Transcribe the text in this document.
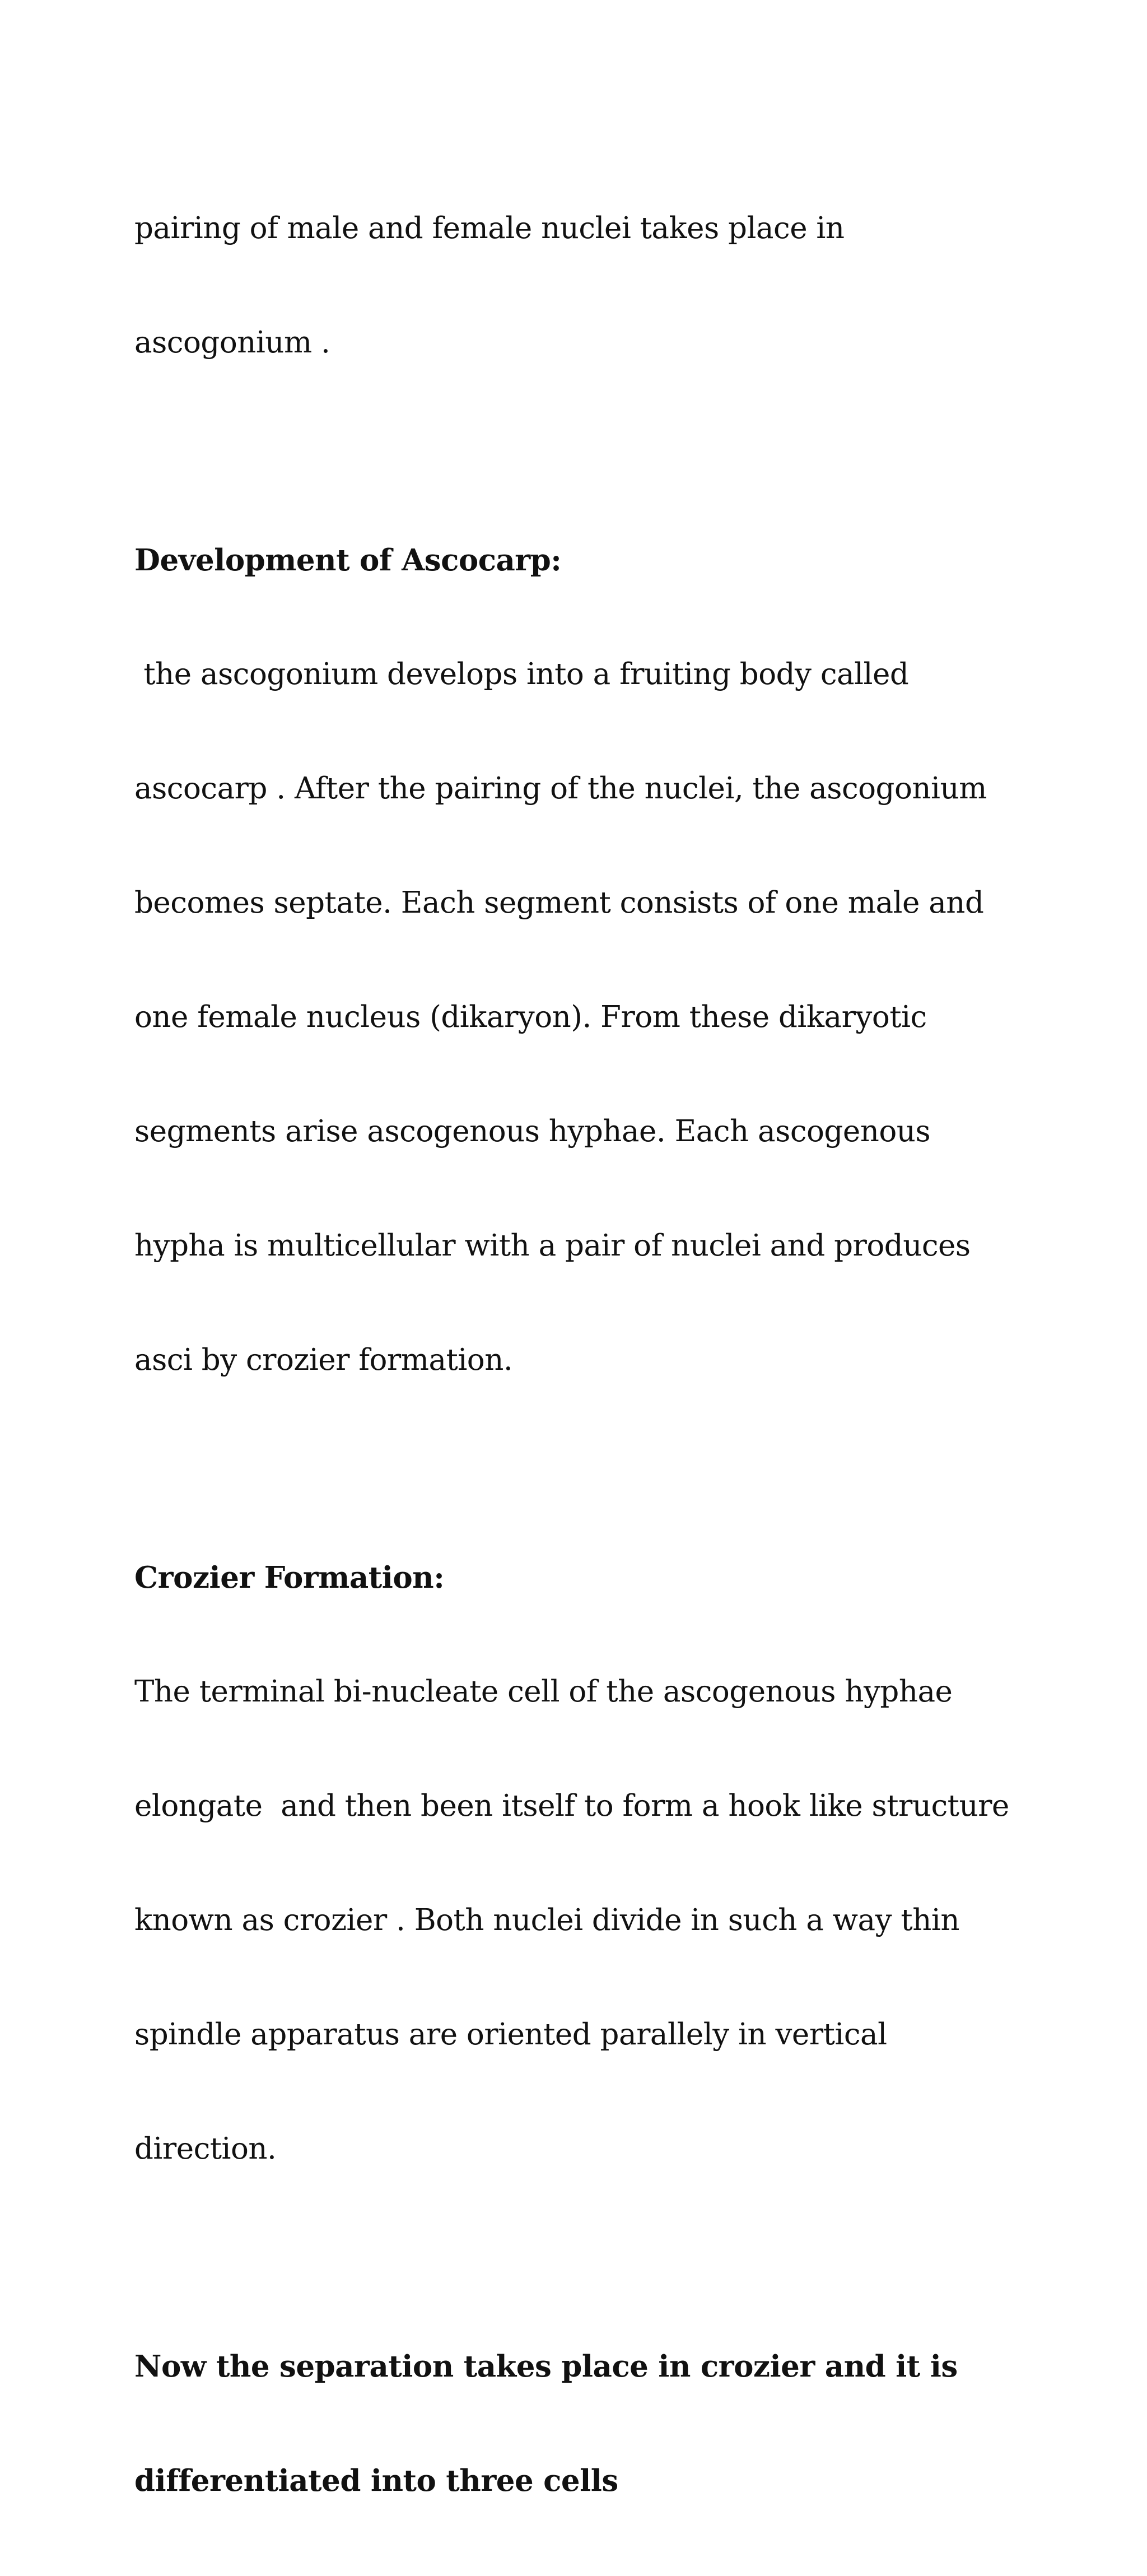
pairing of male and female nuclei takes place in

ascogonium .

Development of Ascocarp:

the ascogonium develops into a fruiting body called

ascocarp . After the pairing of the nuclei, the ascogonium

becomes septate. Each segment consists of one male and

one female nucleus (dikaryon). From these dikaryotic

segments arise ascogenous hyphae. Each ascogenous

hypha is multicellular with a pair of nuclei and produces

asci by crozier formation.

Crozier Formation:

The terminal bi-nucleate cell of the ascogenous hyphae

elongate  and then been itself to form a hook like structure

known as crozier . Both nuclei divide in such a way thin

spindle apparatus are oriented parallely in vertical

direction.

Now the separation takes place in crozier and it is

differentiated into three cells
